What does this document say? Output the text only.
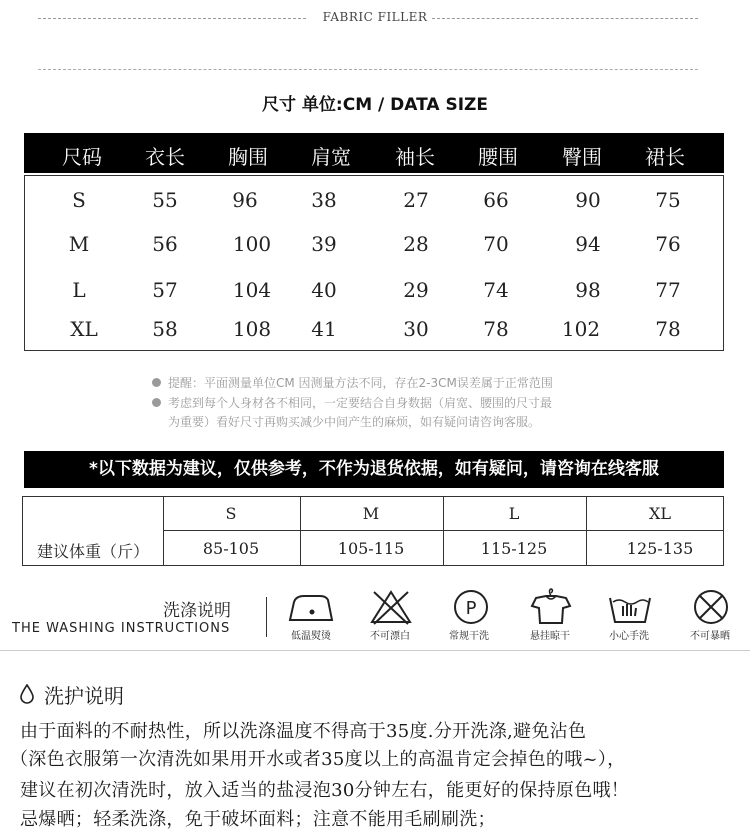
FABRIC FILLER
尺寸 单位:CM / DATA SIZE
尺码 衣长 胸围 肩宽 袖长 腰围 臀围 裙长
S	55	96	38	27	66	90	75
M	56	100 39	28	70	94	76
L	57	104 40	29	74	98	77
XL	58	108 41	30	78	102	78
提醒：平面测量单位CM 因测量方法不同，存在2-3CM误差属于正常范围
考虑到每个人身材各不相同，一定要结合自身数据（肩宽、腰围的尺寸最
为重要）看好尺寸再购买减少中间产生的麻烦，如有疑问请咨询客服。
*以下数据为建议，仅供参考，不作为退货依据，如有疑问，请咨询在线客服
建议体重（斤）
S	M	L	XL
85-105	105-115	115-125	125-135
洗涤说明
THE WASHING INSTRUCTIONS
低温熨烫	不可漂白
P
常规干洗	悬挂晾干	小心手洗	不可暴晒
洗护说明
由于面料的不耐热性，所以洗涤温度不得高于35度.分开洗涤,避免沾色
（深色衣服第一次清洗如果用开水或者35度以上的高温肯定会掉色的哦~），
建议在初次清洗时，放入适当的盐浸泡30分钟左右，能更好的保持原色哦！
忌爆晒；轻柔洗涤，免于破坏面料；注意不能用毛刷刷洗；
